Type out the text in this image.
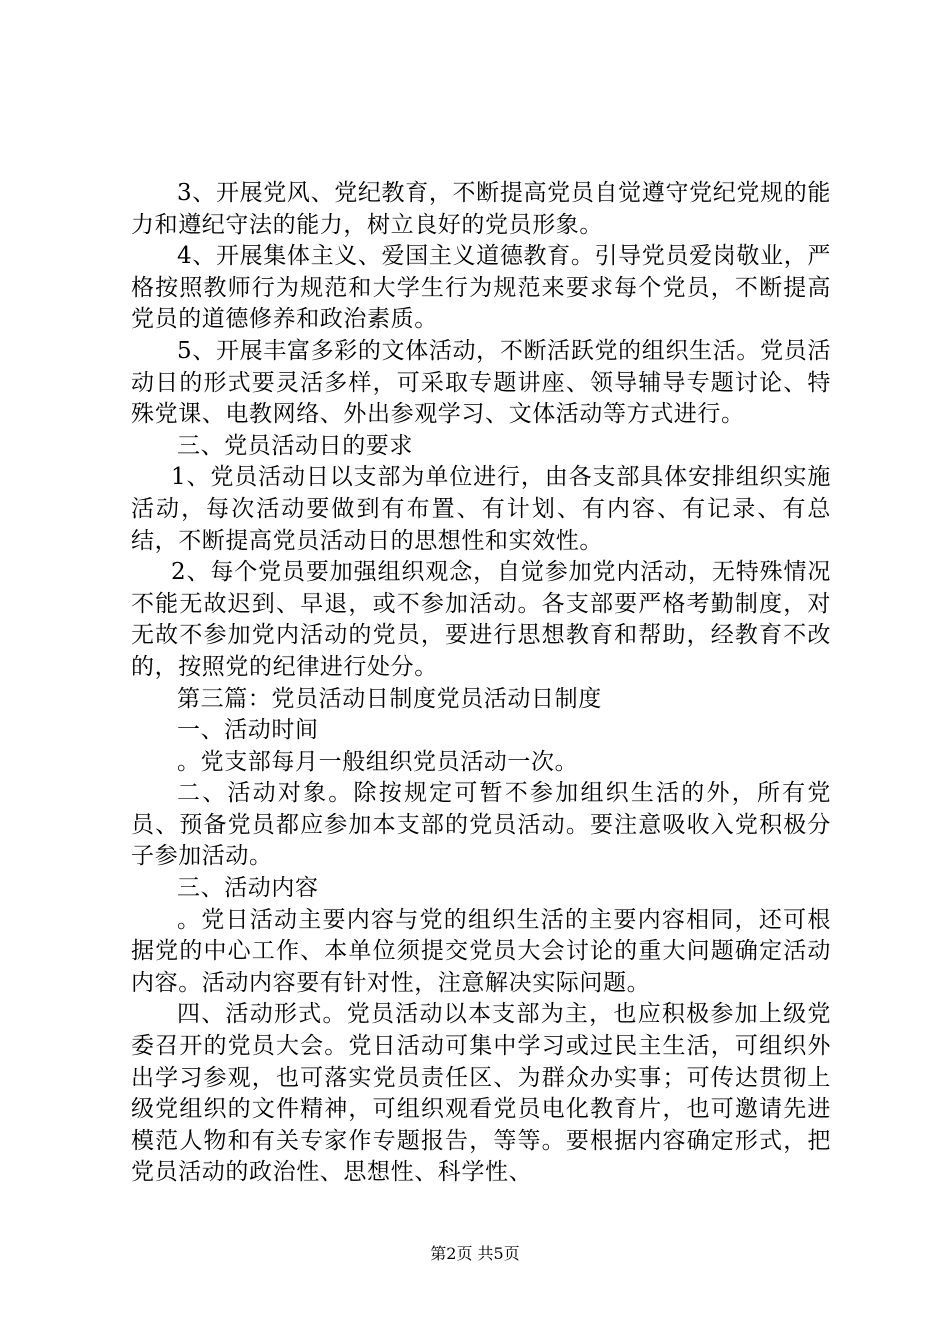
3、开展党风、党纪教育，不断提高党员自觉遵守党纪党规的能力和遵纪守法的能力，树立良好的党员形象。

4、开展集体主义、爱国主义道德教育。引导党员爱岗敬业，严格按照教师行为规范和大学生行为规范来要求每个党员，不断提高党员的道德修养和政治素质。

5、开展丰富多彩的文体活动，不断活跃党的组织生活。党员活动日的形式要灵活多样，可采取专题讲座、领导辅导专题讨论、特殊党课、电教网络、外出参观学习、文体活动等方式进行。

三、党员活动日的要求

1、党员活动日以支部为单位进行，由各支部具体安排组织实施活动，每次活动要做到有布置、有计划、有内容、有记录、有总结，不断提高党员活动日的思想性和实效性。

2、每个党员要加强组织观念，自觉参加党内活动，无特殊情况不能无故迟到、早退，或不参加活动。各支部要严格考勤制度，对无故不参加党内活动的党员，要进行思想教育和帮助，经教育不改的，按照党的纪律进行处分。

第三篇：党员活动日制度党员活动日制度

一、活动时间

。党支部每月一般组织党员活动一次。

二、活动对象。除按规定可暂不参加组织生活的外，所有党员、预备党员都应参加本支部的党员活动。要注意吸收入党积极分子参加活动。

三、活动内容

。党日活动主要内容与党的组织生活的主要内容相同，还可根据党的中心工作、本单位须提交党员大会讨论的重大问题确定活动内容。活动内容要有针对性，注意解决实际问题。

四、活动形式。党员活动以本支部为主，也应积极参加上级党委召开的党员大会。党日活动可集中学习或过民主生活，可组织外出学习参观，也可落实党员责任区、为群众办实事；可传达贯彻上级党组织的文件精神，可组织观看党员电化教育片，也可邀请先进模范人物和有关专家作专题报告，等等。要根据内容确定形式，把党员活动的政治性、思想性、科学性、

第2页 共5页
